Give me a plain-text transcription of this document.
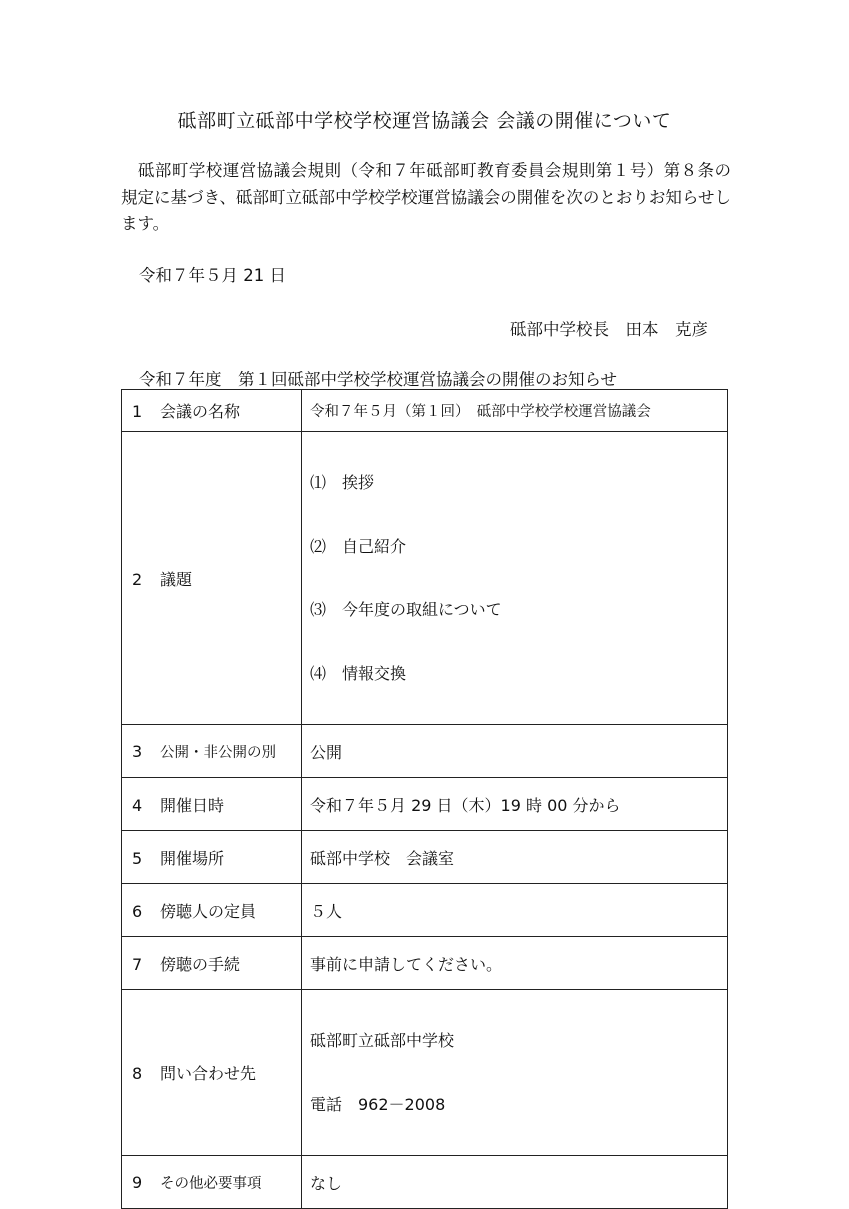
砥部町立砥部中学校学校運営協議会 会議の開催について
　砥部町学校運営協議会規則（令和７年砥部町教育委員会規則第１号）第８条の規定に基づき、砥部町立砥部中学校学校運営協議会の開催を次のとおりお知らせします。
令和７年５月 21 日
砥部中学校長　田本　克彦
令和７年度　第１回砥部中学校学校運営協議会の開催のお知らせ
1 会議の名称	令和７年５月（第１回）　砥部中学校学校運営協議会
2 議題	⑴　挨拶

⑵　自己紹介

⑶　今年度の取組について

⑷　情報交換

3 公開・非公開の別	公開
4 開催日時	令和７年５月 29 日（木）19 時 00 分から
5 開催場所	砥部中学校　会議室
6 傍聴人の定員	５人
7 傍聴の手続	事前に申請してください。
8 問い合わせ先	砥部町立砥部中学校

電話　962－2008

9 その他必要事項	なし
